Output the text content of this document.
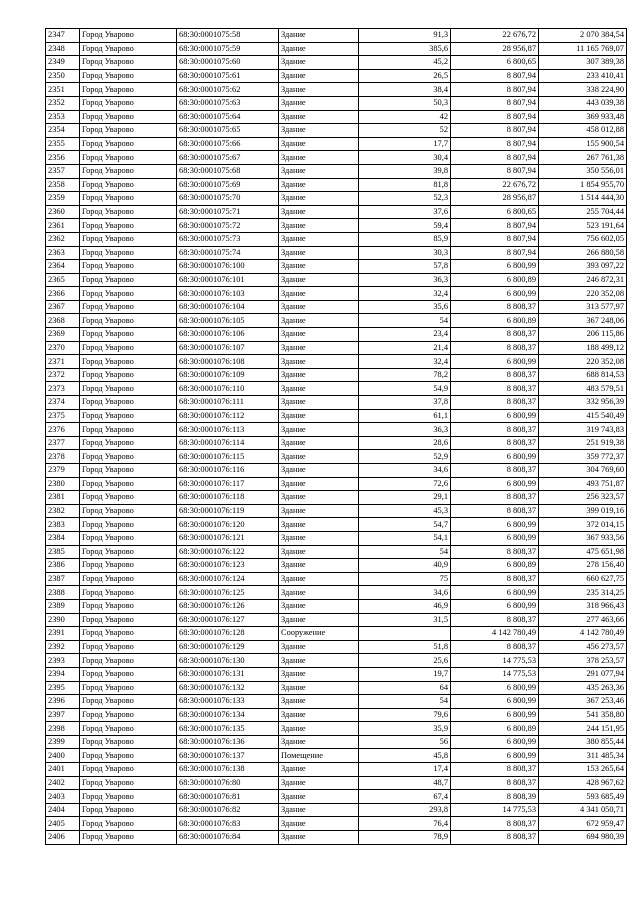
2347	Город Уварово	68:30:0001075:58	Здание	91,3	22 676,72	2 070 384,54
2348	Город Уварово	68:30:0001075:59	Здание	385,6	28 956,87	11 165 769,07
2349	Город Уварово	68:30:0001075:60	Здание	45,2	6 800,65	307 389,38
2350	Город Уварово	68:30:0001075:61	Здание	26,5	8 807,94	233 410,41
2351	Город Уварово	68:30:0001075:62	Здание	38,4	8 807,94	338 224,90
2352	Город Уварово	68:30:0001075:63	Здание	50,3	8 807,94	443 039,38
2353	Город Уварово	68:30:0001075:64	Здание	42	8 807,94	369 933,48
2354	Город Уварово	68:30:0001075:65	Здание	52	8 807,94	458 012,88
2355	Город Уварово	68:30:0001075:66	Здание	17,7	8 807,94	155 900,54
2356	Город Уварово	68:30:0001075:67	Здание	30,4	8 807,94	267 761,38
2357	Город Уварово	68:30:0001075:68	Здание	39,8	8 807,94	350 556,01
2358	Город Уварово	68:30:0001075:69	Здание	81,8	22 676,72	1 854 955,70
2359	Город Уварово	68:30:0001075:70	Здание	52,3	28 956,87	1 514 444,30
2360	Город Уварово	68:30:0001075:71	Здание	37,6	6 800,65	255 704,44
2361	Город Уварово	68:30:0001075:72	Здание	59,4	8 807,94	523 191,64
2362	Город Уварово	68:30:0001075:73	Здание	85,9	8 807,94	756 602,05
2363	Город Уварово	68:30:0001075:74	Здание	30,3	8 807,94	266 880,58
2364	Город Уварово	68:30:0001076:100	Здание	57,8	6 800,99	393 097,22
2365	Город Уварово	68:30:0001076:101	Здание	36,3	6 800,89	246 872,31
2366	Город Уварово	68:30:0001076:103	Здание	32,4	6 800,99	220 352,08
2367	Город Уварово	68:30:0001076:104	Здание	35,6	8 808,37	313 577,97
2368	Город Уварово	68:30:0001076:105	Здание	54	6 800,89	367 248,06
2369	Город Уварово	68:30:0001076:106	Здание	23,4	8 808,37	206 115,86
2370	Город Уварово	68:30:0001076:107	Здание	21,4	8 808,37	188 499,12
2371	Город Уварово	68:30:0001076:108	Здание	32,4	6 800,99	220 352,08
2372	Город Уварово	68:30:0001076:109	Здание	78,2	8 808,37	688 814,53
2373	Город Уварово	68:30:0001076:110	Здание	54,9	8 808,37	483 579,51
2374	Город Уварово	68:30:0001076:111	Здание	37,8	8 808,37	332 956,39
2375	Город Уварово	68:30:0001076:112	Здание	61,1	6 800,99	415 540,49
2376	Город Уварово	68:30:0001076:113	Здание	36,3	8 808,37	319 743,83
2377	Город Уварово	68:30:0001076:114	Здание	28,6	8 808,37	251 919,38
2378	Город Уварово	68:30:0001076:115	Здание	52,9	6 800,99	359 772,37
2379	Город Уварово	68:30:0001076:116	Здание	34,6	8 808,37	304 769,60
2380	Город Уварово	68:30:0001076:117	Здание	72,6	6 800,99	493 751,87
2381	Город Уварово	68:30:0001076:118	Здание	29,1	8 808,37	256 323,57
2382	Город Уварово	68:30:0001076:119	Здание	45,3	8 808,37	399 019,16
2383	Город Уварово	68:30:0001076:120	Здание	54,7	6 800,99	372 014,15
2384	Город Уварово	68:30:0001076:121	Здание	54,1	6 800,99	367 933,56
2385	Город Уварово	68:30:0001076:122	Здание	54	8 808,37	475 651,98
2386	Город Уварово	68:30:0001076:123	Здание	40,9	6 800,89	278 156,40
2387	Город Уварово	68:30:0001076:124	Здание	75	8 808,37	660 627,75
2388	Город Уварово	68:30:0001076:125	Здание	34,6	6 800,99	235 314,25
2389	Город Уварово	68:30:0001076:126	Здание	46,9	6 800,99	318 966,43
2390	Город Уварово	68:30:0001076:127	Здание	31,5	8 808,37	277 463,66
2391	Город Уварово	68:30:0001076:128	Сооружение		4 142 780,49	4 142 780,49
2392	Город Уварово	68:30:0001076:129	Здание	51,8	8 808,37	456 273,57
2393	Город Уварово	68:30:0001076:130	Здание	25,6	14 775,53	378 253,57
2394	Город Уварово	68:30:0001076:131	Здание	19,7	14 775,53	291 077,94
2395	Город Уварово	68:30:0001076:132	Здание	64	6 800,99	435 263,36
2396	Город Уварово	68:30:0001076:133	Здание	54	6 800,99	367 253,46
2397	Город Уварово	68:30:0001076:134	Здание	79,6	6 800,99	541 358,80
2398	Город Уварово	68:30:0001076:135	Здание	35,9	6 800,89	244 151,95
2399	Город Уварово	68:30:0001076:136	Здание	56	6 800,99	380 855,44
2400	Город Уварово	68:30:0001076:137	Помещение	45,8	6 800,99	311 485,34
2401	Город Уварово	68:30:0001076:138	Здание	17,4	8 808,37	153 265,64
2402	Город Уварово	68:30:0001076:80	Здание	48,7	8 808,37	428 967,62
2403	Город Уварово	68:30:0001076:81	Здание	67,4	8 808,39	593 685,49
2404	Город Уварово	68:30:0001076:82	Здание	293,8	14 775,53	4 341 050,71
2405	Город Уварово	68:30:0001076:83	Здание	76,4	8 808,37	672 959,47
2406	Город Уварово	68:30:0001076:84	Здание	78,9	8 808,37	694 980,39
